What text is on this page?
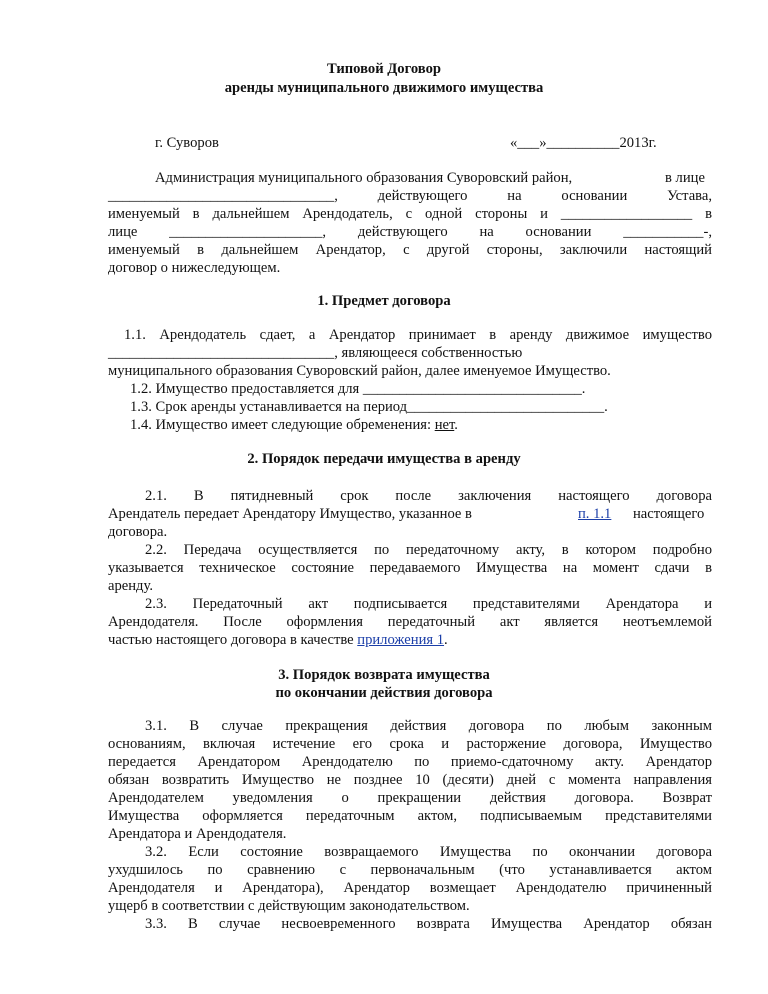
Типовой Договор
аренды муниципального движимого имущества
г. Суворов	«___»__________2013г.
Администрация муниципального образования Суворовский район,	в лице
_______________________________, действующего на основании Устава,
именуемый в дальнейшем Арендодатель, с одной стороны и __________________ в
лице _____________________, действующего на основании ___________-,
именуемый в дальнейшем Арендатор, с другой стороны, заключили настоящий
договор о нижеследующем.
1. Предмет договора
1.1. Арендодатель сдает, а Арендатор принимает в аренду движимое имущество
_______________________________, являющееся собственностью
муниципального образования Суворовский район, далее именуемое Имущество.
1.2. Имущество предоставляется для ______________________________.
1.3. Срок аренды устанавливается на период___________________________.
1.4. Имущество имеет следующие обременения: нет.
2. Порядок передачи имущества в аренду
2.1. В пятидневный срок после заключения настоящего договора
Арендатель передает Арендатору Имущество, указанное в	п. 1.1 настоящего
договора.
2.2. Передача осуществляется по передаточному акту, в котором подробно
указывается техническое состояние передаваемого Имущества на момент сдачи в
аренду.
2.3. Передаточный акт подписывается представителями Арендатора и
Арендодателя. После оформления передаточный акт является неотъемлемой
частью настоящего договора в качестве приложения 1.
3. Порядок возврата имущества
по окончании действия договора
3.1. В случае прекращения действия договора по любым законным
основаниям, включая истечение его срока и расторжение договора, Имущество
передается Арендатором Арендодателю по приемо-сдаточному акту. Арендатор
обязан возвратить Имущество не позднее 10 (десяти) дней с момента направления
Арендодателем уведомления о прекращении действия договора. Возврат
Имущества оформляется передаточным актом, подписываемым представителями
Арендатора и Арендодателя.
3.2. Если состояние возвращаемого Имущества по окончании договора
ухудшилось по сравнению с первоначальным (что устанавливается актом
Арендодателя и Арендатора), Арендатор возмещает Арендодателю причиненный
ущерб в соответствии с действующим законодательством.
3.3. В случае несвоевременного возврата Имущества Арендатор обязан
